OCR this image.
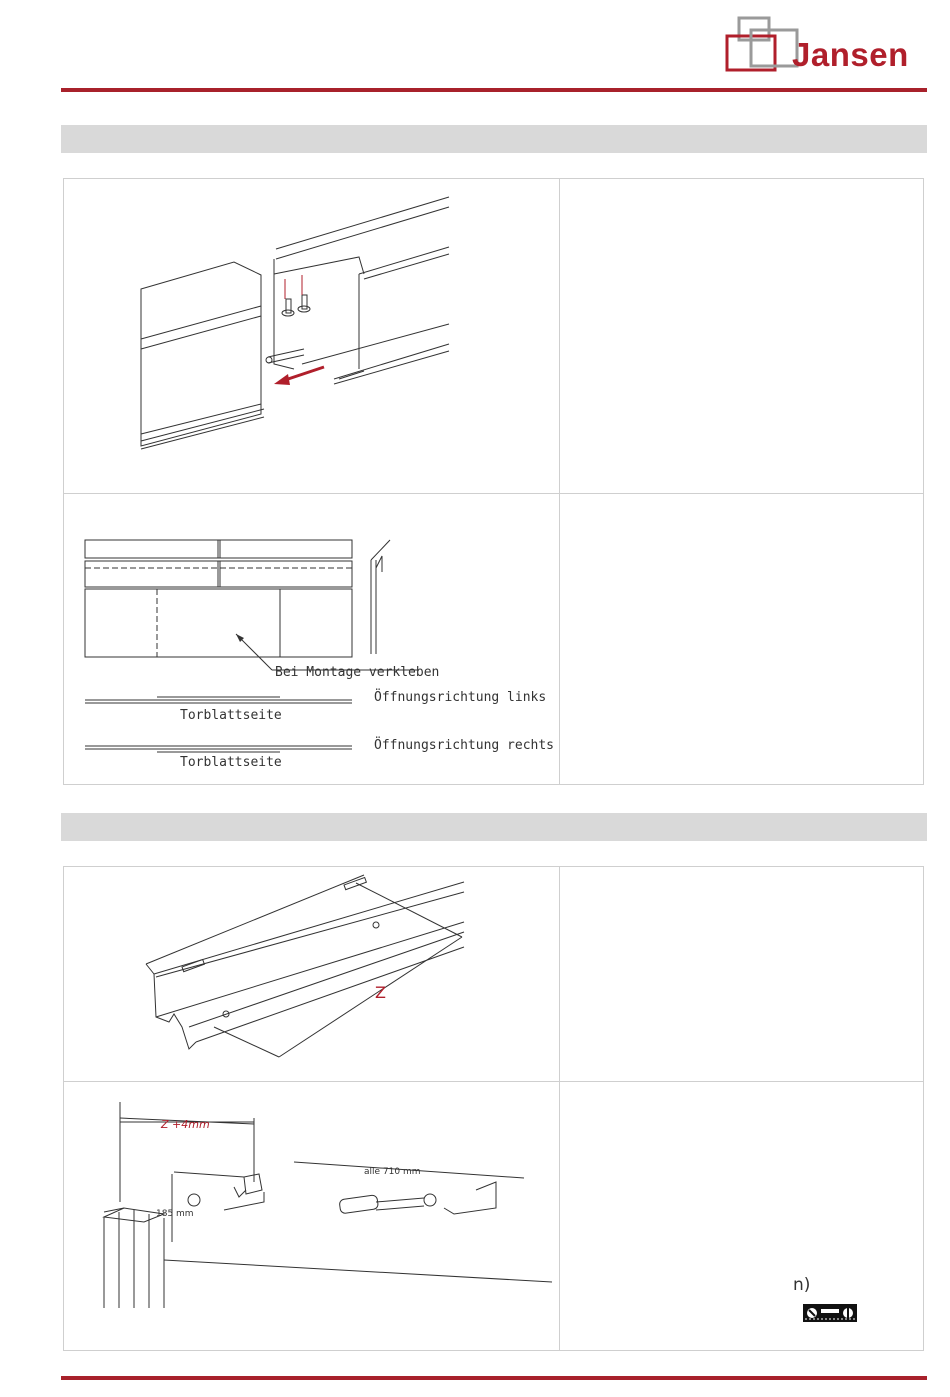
Jansen
Bei Montage verkleben
Öffnungsrichtung links
Torblattseite
Öffnungsrichtung rechts
Torblattseite
Z
Z +4mm
185 mm
alle 710 mm
n)
